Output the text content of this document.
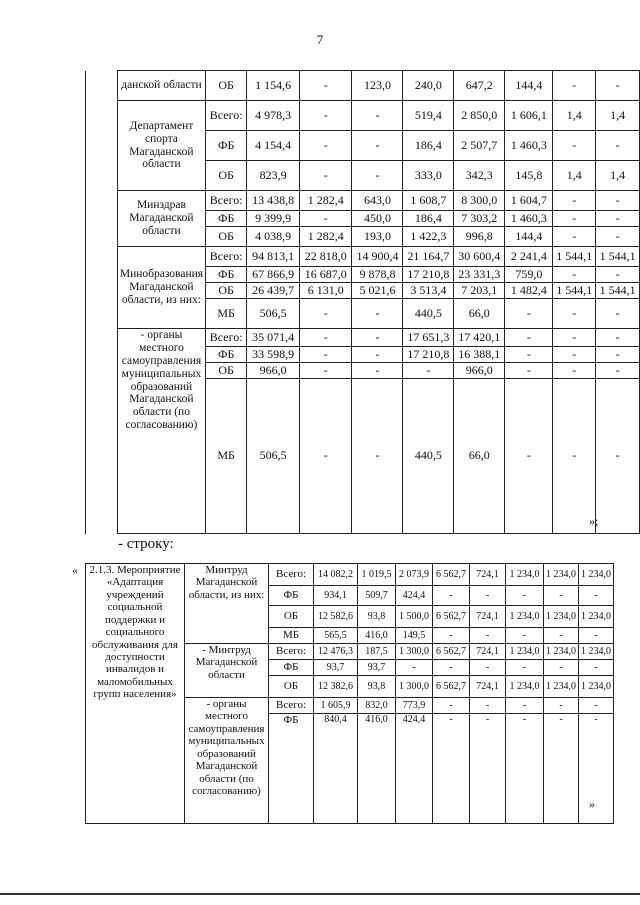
7
	данской области	ОБ	1 154,6	-	123,0	240,0	647,2	144,4	-	-
	Департамент спорта Магаданской области	Всего:	4 978,3	-	-	519,4	2 850,0	1 606,1	1,4	1,4
		ФБ	4 154,4	-	-	186,4	2 507,7	1 460,3	-	-
		ОБ	823,9	-	-	333,0	342,3	145,8	1,4	1,4
	Минздрав Магаданской области	Всего:	13 438,8	1 282,4	643,0	1 608,7	8 300,0	1 604,7	-	-
		ФБ	9 399,9	-	450,0	186,4	7 303,2	1 460,3	-	-
		ОБ	4 038,9	1 282,4	193,0	1 422,3	996,8	144,4	-	-
	Минобразования Магаданской области, из них:	Всего:	94 813,1	22 818,0	14 900,4	21 164,7	30 600,4	2 241,4	1 544,1	1 544,1
		ФБ	67 866,9	16 687,0	9 878,8	17 210,8	23 331,3	759,0	-	-
		ОБ	26 439,7	6 131,0	5 021,6	3 513,4	7 203,1	1 482,4	1 544,1	1 544,1
		МБ	506,5	-	-	440,5	66,0	-	-	-
	- органы местного самоуправления муниципальных образований Магаданской области (по согласованию)	Всего:	35 071,4	-	-	17 651,3	17 420,1	-	-	-
		ФБ	33 598,9	-	-	17 210,8	16 388,1	-	-	-
		ОБ	966,0	-	-	-	966,0	-	-	-
		МБ	506,5	-	-	440,5	66,0	-	-	-
»;
- строку:
« 2.1.3. Мероприятие «Адаптация учреждений социальной поддержки и социального обслуживания для доступности инвалидов и маломобильных групп населения»	Минтруд Магаданской области, из них:	Всего:	14 082,2	1 019,5	2 073,9	6 562,7	724,1	1 234,0	1 234,0	1 234,0
		ФБ	934,1	509,7	424,4	-	-	-	-	-
		ОБ	12 582,6	93,8	1 500,0	6 562,7	724,1	1 234,0	1 234,0	1 234,0
		МБ	565,5	416,0	149,5	-	-	-	-	-
	- Минтруд Магаданской области	Всего:	12 476,3	187,5	1 300,0	6 562,7	724,1	1 234,0	1 234,0	1 234,0
		ФБ	93,7	93,7	-	-	-	-	-	-
		ОБ	12 382,6	93,8	1 300,0	6 562,7	724,1	1 234,0	1 234,0	1 234,0
	- органы местного самоуправления муниципальных образований Магаданской области (по согласованию)	Всего:	1 605,9	832,0	773,9	-	-	-	-	-
		ФБ	840,4	416,0	424,4	-	-	-	-	-
»
